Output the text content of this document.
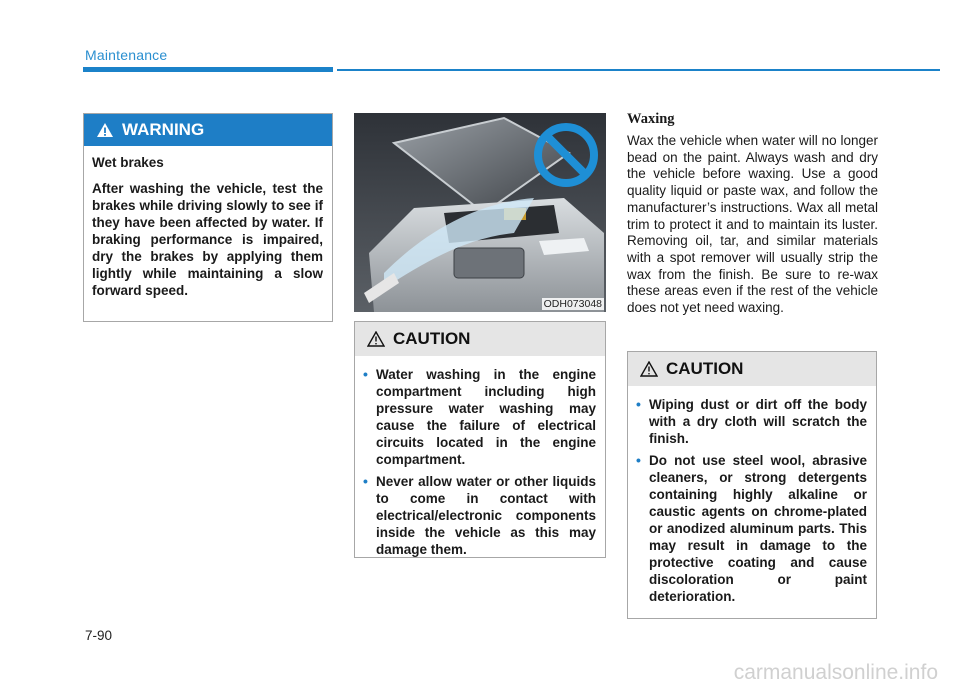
Maintenance
WARNING
Wet brakes
After washing the vehicle, test the brakes while driving slowly to see if they have been affected by water. If braking performance is impaired, dry the brakes by applying them lightly while maintaining a slow forward speed.
ODH073048
CAUTION
• Water washing in the engine compartment including high pressure water washing may cause the failure of electrical circuits located in the engine compartment.
• Never allow water or other liquids to come in contact with electrical/electronic components inside the vehicle as this may damage them.
Waxing
Wax the vehicle when water will no longer bead on the paint. Always wash and dry the vehicle before waxing. Use a good quality liquid or paste wax, and follow the manufacturer’s instructions. Wax all metal trim to protect it and to maintain its luster. Removing oil, tar, and similar materials with a spot remover will usually strip the wax from the finish. Be sure to re-wax these areas even if the rest of the vehicle does not yet need waxing.
CAUTION
• Wiping dust or dirt off the body with a dry cloth will scratch the finish.
• Do not use steel wool, abrasive cleaners, or strong detergents containing highly alkaline or caustic agents on chrome-plated or anodized aluminum parts. This may result in damage to the protective coating and cause discoloration or paint deterioration.
7-90
carmanualsonline.info
